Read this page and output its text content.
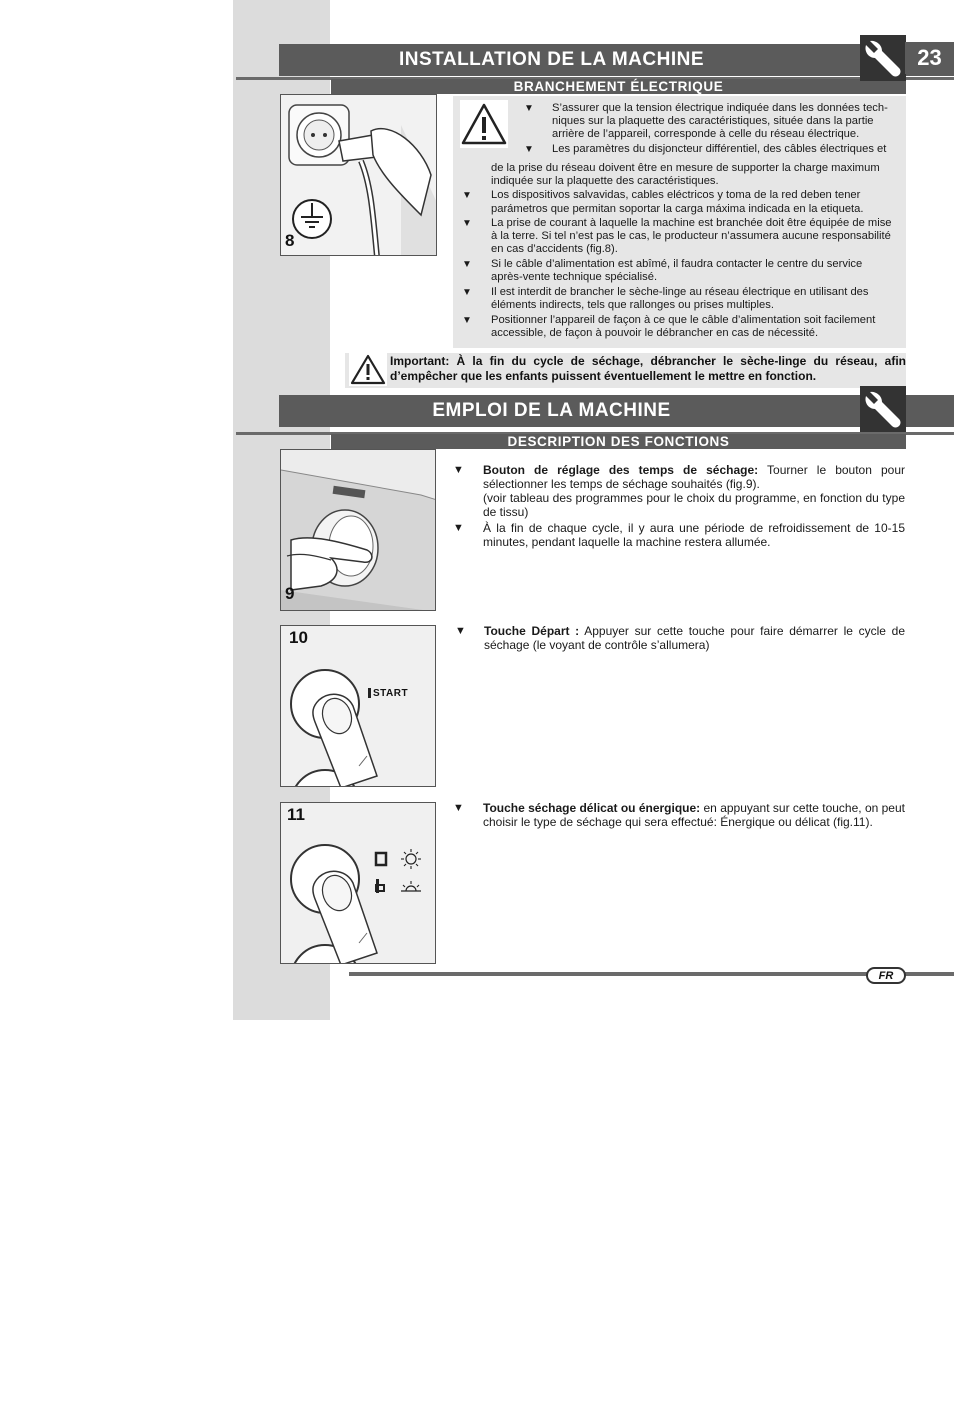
INSTALLATION DE LA MACHINE
BRANCHEMENT ÉLECTRIQUE
23
8
▼ S’assurer que la tension électrique indiquée dans les données tech-
niques sur la plaquette des caractéristiques, située dans la partie
arrière de l’appareil, corresponde à celle du réseau électrique.
▼ Les paramètres du disjoncteur différentiel, des câbles électriques et
de la prise du réseau doivent être en mesure de supporter la charge maximum
indiquée sur la plaquette des caractéristiques.
▼ Los dispositivos salvavidas, cables eléctricos y toma de la red deben tener
parámetros que permitan soportar la carga máxima indicada en la etiqueta.
▼ La prise de courant à laquelle la machine est branchée doit être équipée de mise
à la terre. Si tel n’est pas le cas, le producteur n’assumera aucune responsabilité
en cas d’accidents (fig.8).
▼ Si le câble d’alimentation est abîmé, il faudra contacter le centre du service
après-vente technique spécialisé.
▼ Il est interdit de brancher le sèche-linge au réseau électrique en utilisant des
éléments indirects, tels que rallonges ou prises multiples.
▼ Positionner l’appareil de façon à ce que le câble d’alimentation soit facilement
accessible, de façon à pouvoir le débrancher en cas de nécessité.
Important: À la fin du cycle de séchage, débrancher le sèche-linge du réseau, afin d’empêcher que les enfants puissent éventuellement le mettre en fonction.
EMPLOI DE LA MACHINE
DESCRIPTION DES FONCTIONS
9
▼ Bouton de réglage des temps de séchage: Tourner le bouton pour sélectionner les temps de séchage souhaités (fig.9).
(voir tableau des programmes pour le choix du programme, en fonction du type de tissu)
▼ À la fin de chaque cycle, il y aura une période de refroidissement de 10-15 minutes, pendant laquelle la machine restera allumée.
START
10	▼ Touche Départ : Appuyer sur cette touche pour faire démarrer le cycle de séchage (le voyant de contrôle s’allumera)
11	▼ Touche séchage délicat ou énergique: en appuyant sur cette touche, on peut choisir le type de séchage qui sera effectué: Énergique ou délicat (fig.11).
FR
